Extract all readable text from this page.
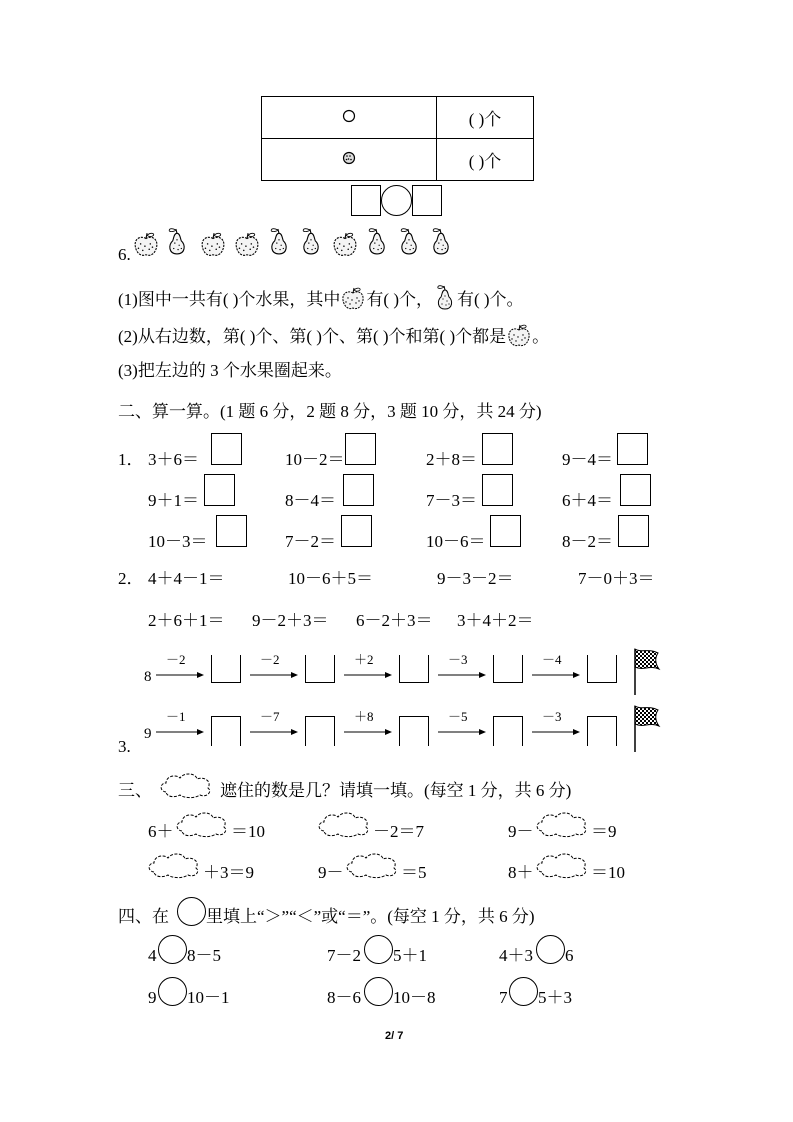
	( )个
	( )个
6.
(1)图中一共有( )个水果，其中 有( )个， 有( )个。
(2)从右边数，第( )个、第( )个、第( )个和第( )个都是 。
(3)把左边的 3 个水果圈起来。
二、算一算。(1 题 6 分，2 题 8 分，3 题 10 分，共 24 分)
1． 3＋6＝	10－2＝	2＋8＝	9－4＝
9＋1＝	8－4＝	7－3＝	6＋4＝
10－3＝	7－2＝	10－6＝	8－2＝
2． 4＋4－1＝	10－6＋5＝	9－3－2＝	7－0＋3＝
2＋6＋1＝ 9－2＋3＝ 6－2＋3＝ 3＋4＋2＝
8
－2	－2	＋2	－3	－4
9
－1	－7	＋8	－5	－3
3.
三、	遮住的数是几？请填一填。(每空 1 分，共 6 分)
6＋	＝10	－2＝7	9－	＝9
＋3＝9	9－	＝5	8＋	＝10
四、在 里填上“＞”“＜”或“＝”。(每空 1 分，共 6 分)
4 8－5	7－2 5＋1	4＋3 6
9 10－1	8－6 10－8	7 5＋3
2/ 7
